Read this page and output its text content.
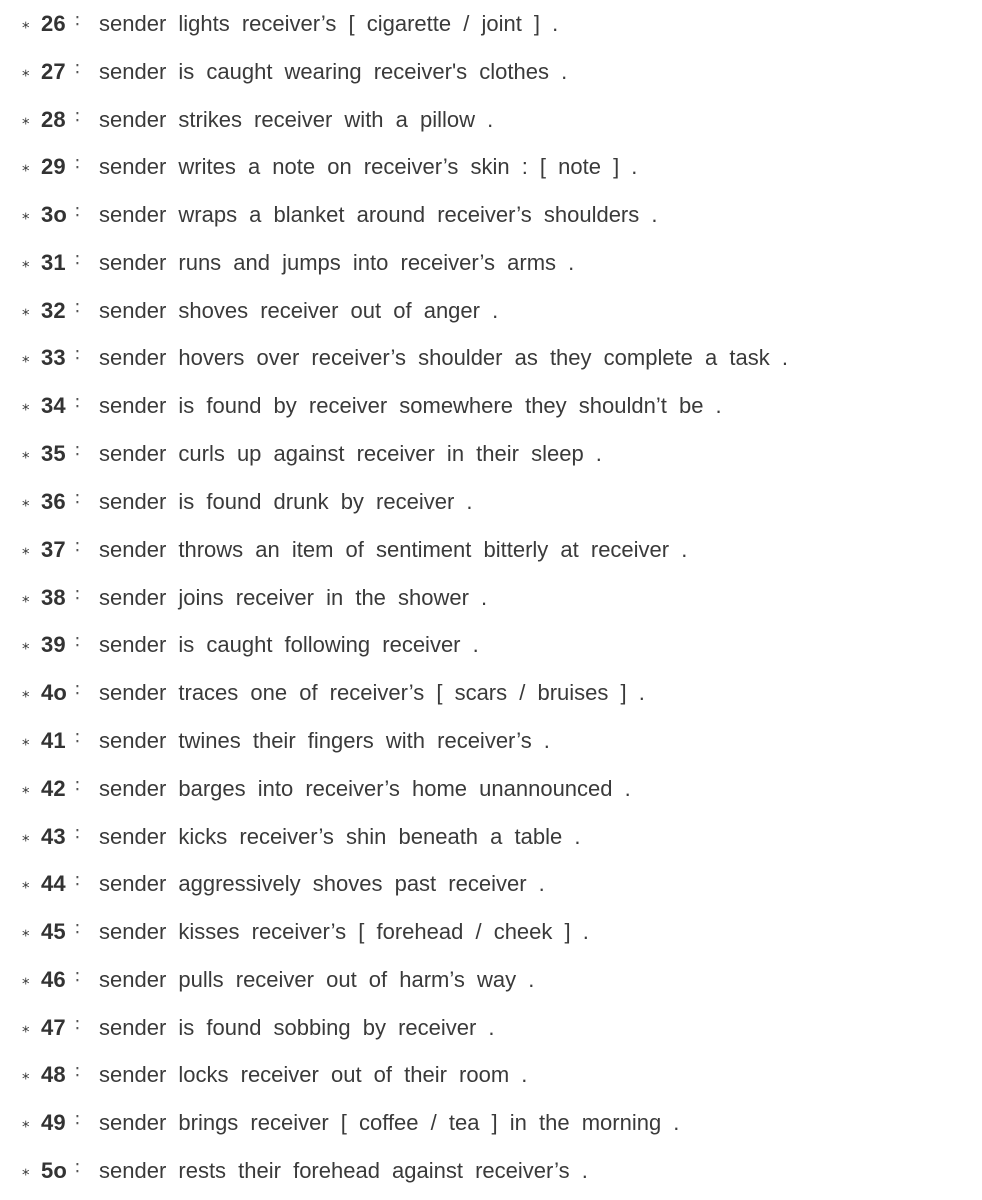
⁎ 26 ∶ sender lights receiver’s [ cigarette / joint ] .
⁎ 27 ∶ sender is caught wearing receiver's clothes .
⁎ 28 ∶ sender strikes receiver with a pillow .
⁎ 29 ∶ sender writes a note on receiver’s skin : [ note ] .
⁎ 3o ∶ sender wraps a blanket around receiver’s shoulders .
⁎ 31 ∶ sender runs and jumps into receiver’s arms .
⁎ 32 ∶ sender shoves receiver out of anger .
⁎ 33 ∶ sender hovers over receiver’s shoulder as they complete a task .
⁎ 34 ∶ sender is found by receiver somewhere they shouldn’t be .
⁎ 35 ∶ sender curls up against receiver in their sleep .
⁎ 36 ∶ sender is found drunk by receiver .
⁎ 37 ∶ sender throws an item of sentiment bitterly at receiver .
⁎ 38 ∶ sender joins receiver in the shower .
⁎ 39 ∶ sender is caught following receiver .
⁎ 4o ∶ sender traces one of receiver’s [ scars / bruises ] .
⁎ 41 ∶ sender twines their fingers with receiver’s .
⁎ 42 ∶ sender barges into receiver’s home unannounced .
⁎ 43 ∶ sender kicks receiver’s shin beneath a table .
⁎ 44 ∶ sender aggressively shoves past receiver .
⁎ 45 ∶ sender kisses receiver’s [ forehead / cheek ] .
⁎ 46 ∶ sender pulls receiver out of harm’s way .
⁎ 47 ∶ sender is found sobbing by receiver .
⁎ 48 ∶ sender locks receiver out of their room .
⁎ 49 ∶ sender brings receiver [ coffee / tea ] in the morning .
⁎ 5o ∶ sender rests their forehead against receiver’s .
